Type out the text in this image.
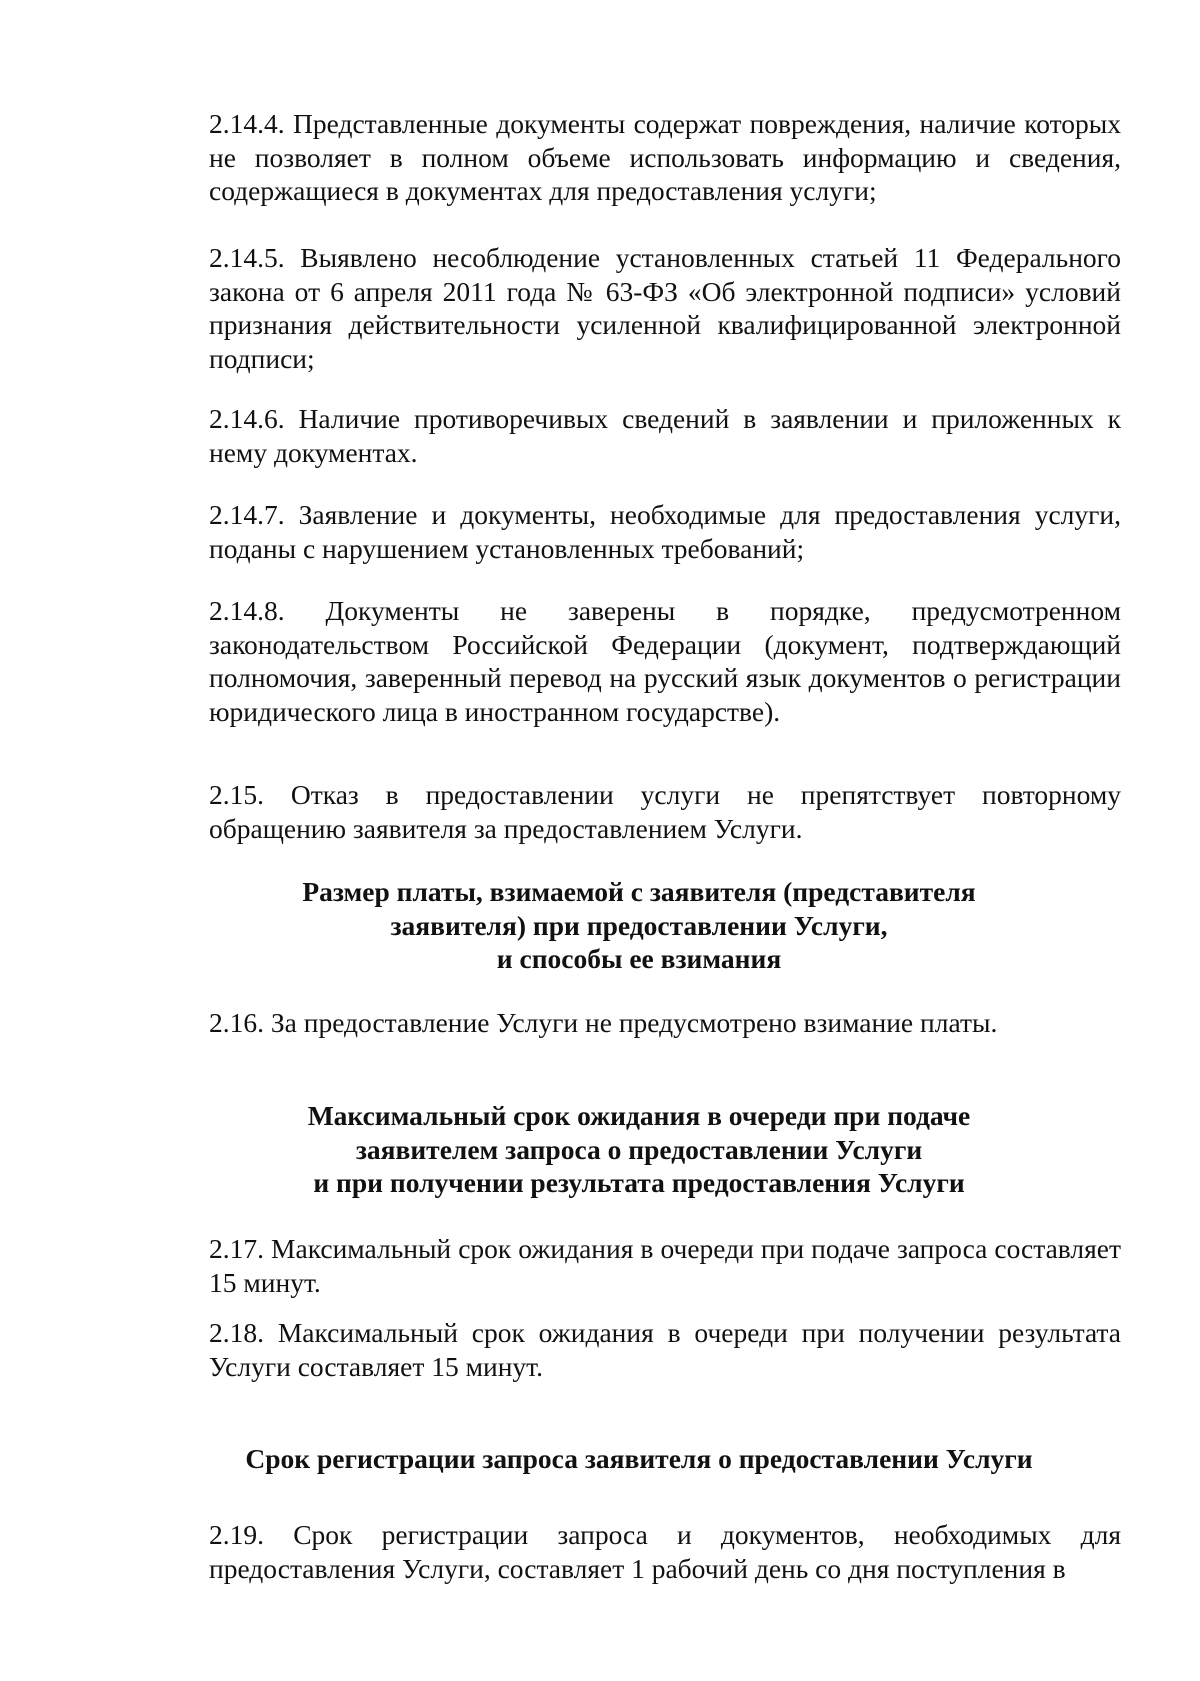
2.14.4. Представленные документы содержат повреждения, наличие которых не позволяет в полном объеме использовать информацию и сведения, содержащиеся в документах для предоставления услуги;
2.14.5. Выявлено несоблюдение установленных статьей 11 Федерального закона от 6 апреля 2011 года № 63-ФЗ «Об электронной подписи» условий признания действительности усиленной квалифицированной электронной подписи;
2.14.6. Наличие противоречивых сведений в заявлении и приложенных к нему документах.
2.14.7. Заявление и документы, необходимые для предоставления услуги, поданы с нарушением установленных требований;
2.14.8. Документы не заверены в порядке, предусмотренном законодательством Российской Федерации (документ, подтверждающий полномочия, заверенный перевод на русский язык документов о регистрации юридического лица в иностранном государстве).
2.15. Отказ в предоставлении услуги не препятствует повторному обращению заявителя за предоставлением Услуги.
Размер платы, взимаемой с заявителя (представителя
заявителя) при предоставлении Услуги,
и способы ее взимания
2.16. За предоставление Услуги не предусмотрено взимание платы.
Максимальный срок ожидания в очереди при подаче
заявителем запроса о предоставлении Услуги
и при получении результата предоставления Услуги
2.17. Максимальный срок ожидания в очереди при подаче запроса составляет 15 минут.
2.18. Максимальный срок ожидания в очереди при получении результата Услуги составляет 15 минут.
Срок регистрации запроса заявителя о предоставлении Услуги
2.19. Срок регистрации запроса и документов, необходимых для предоставления Услуги, составляет 1 рабочий день со дня поступления в
